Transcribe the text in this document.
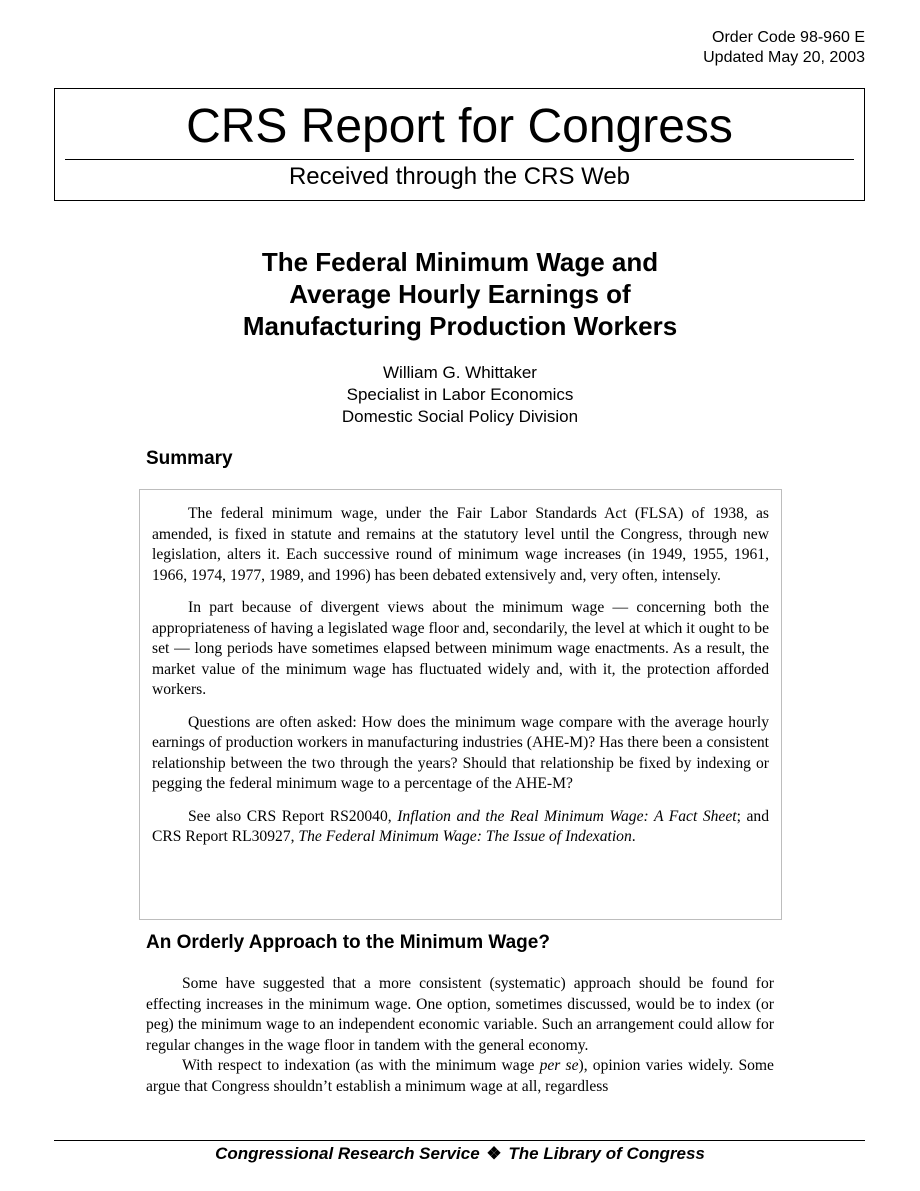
Order Code 98-960 E
Updated May 20, 2003
CRS Report for Congress
Received through the CRS Web
The Federal Minimum Wage and
Average Hourly Earnings of
Manufacturing Production Workers
William G. Whittaker
Specialist in Labor Economics
Domestic Social Policy Division
Summary

The federal minimum wage, under the Fair Labor Standards Act (FLSA) of 1938, as amended, is fixed in statute and remains at the statutory level until the Congress, through new legislation, alters it. Each successive round of minimum wage increases (in 1949, 1955, 1961, 1966, 1974, 1977, 1989, and 1996) has been debated extensively and, very often, intensely.

In part because of divergent views about the minimum wage — concerning both the appropriateness of having a legislated wage floor and, secondarily, the level at which it ought to be set — long periods have sometimes elapsed between minimum wage enactments. As a result, the market value of the minimum wage has fluctuated widely and, with it, the protection afforded workers.

Questions are often asked: How does the minimum wage compare with the average hourly earnings of production workers in manufacturing industries (AHE-M)? Has there been a consistent relationship between the two through the years? Should that relationship be fixed by indexing or pegging the federal minimum wage to a percentage of the AHE-M?

See also CRS Report RS20040, Inflation and the Real Minimum Wage: A Fact Sheet; and CRS Report RL30927, The Federal Minimum Wage: The Issue of Indexation.

An Orderly Approach to the Minimum Wage?

Some have suggested that a more consistent (systematic) approach should be found for effecting increases in the minimum wage. One option, sometimes discussed, would be to index (or peg) the minimum wage to an independent economic variable. Such an arrangement could allow for regular changes in the wage floor in tandem with the general economy.

With respect to indexation (as with the minimum wage per se), opinion varies widely. Some argue that Congress shouldn’t establish a minimum wage at all, regardless

Congressional Research Service ❖ The Library of Congress
